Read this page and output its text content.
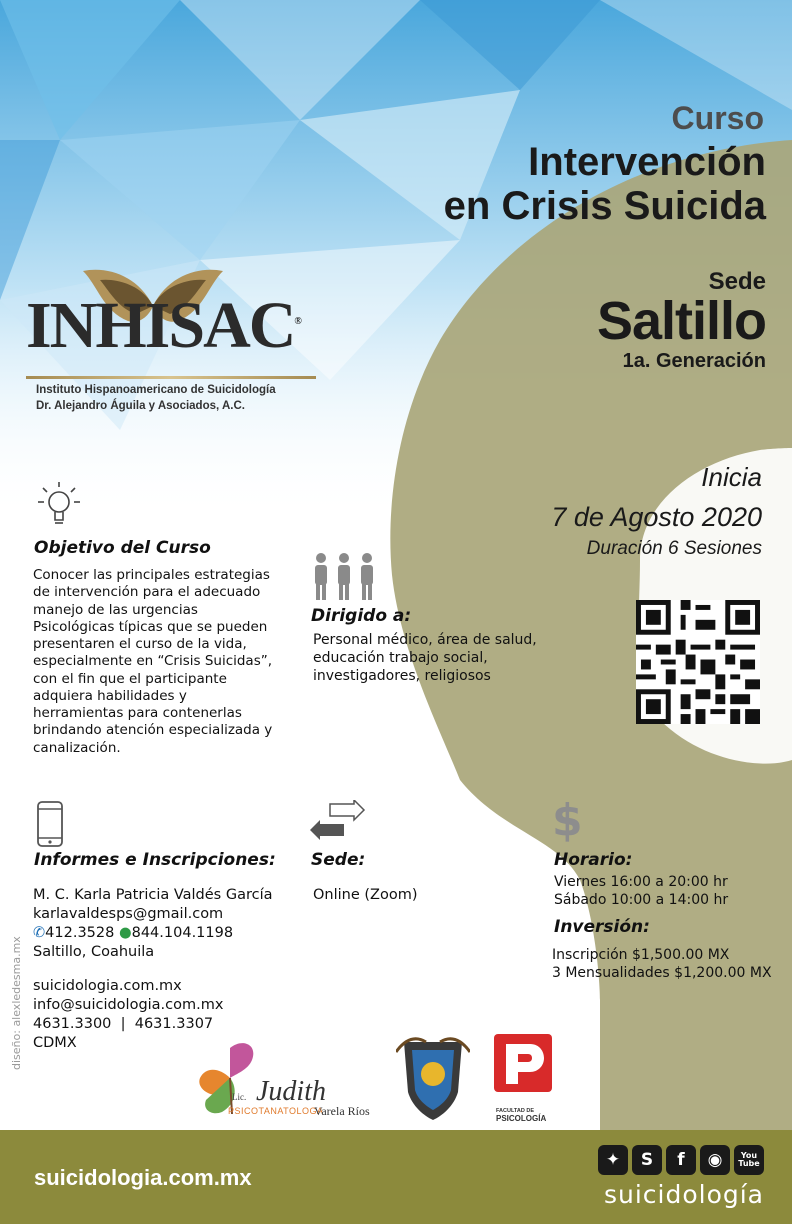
Curso
Intervención
en Crisis Suicida
INHISAC®
Instituto Hispanoamericano de Suicidología
Dr. Alejandro Águila y Asociados, A.C.
Sede
Saltillo
1a. Generación
Inicia
7 de Agosto 2020
Duración 6 Sesiones
Objetivo del Curso
Conocer las principales estrategias
de intervención para el adecuado
manejo de las urgencias
Psicológicas típicas que se pueden
presentaren el curso de la vida,
especialmente en “Crisis Suicidas”,
con el fin que el participante
adquiera habilidades y
herramientas para contenerlas
brindando atención especializada y
canalización.
Dirigido a:
Personal médico, área de salud,
educación trabajo social,
investigadores, religiosos
Informes e Inscripciones:
M. C. Karla Patricia Valdés García
karlavaldesps@gmail.com
✆412.3528 ●844.104.1198
Saltillo, Coahuila
suicidologia.com.mx
info@suicidologia.com.mx
4631.3300  |  4631.3307
CDMX
Sede:
Online (Zoom)
$
Horario:
Viernes 16:00 a 20:00 hr
Sábado 10:00 a 14:00 hr
Inversión:
Inscripción $1,500.00 MX
3 Mensualidades $1,200.00 MX
diseño: alexledesma.mx
Lic. Judith
PSICOTANATOLOGA
Varela Ríos	FACULTAD DE
PSICOLOGÍA
suicidologia.com.mx
✦	S	f	◉	You
Tube
suicidología
